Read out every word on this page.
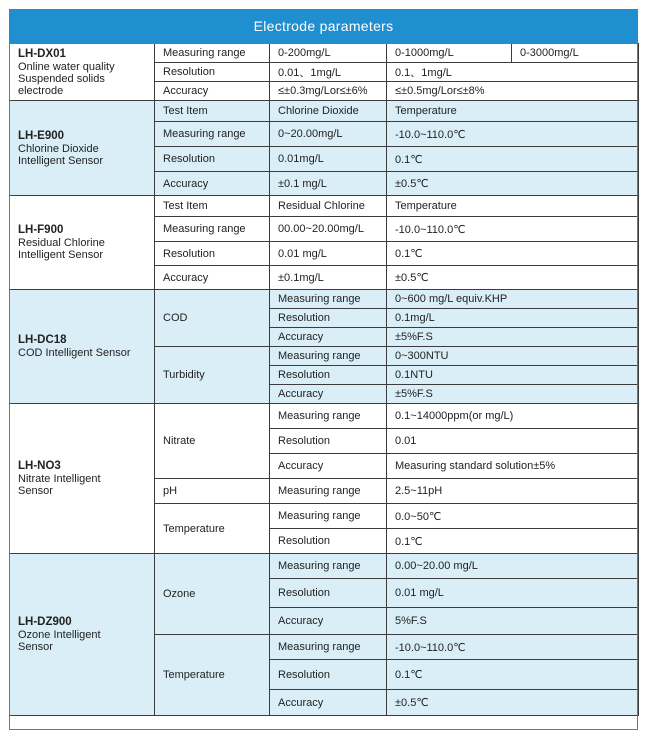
Electrode parameters
LH-DX01
Online water quality
Suspended solids
electrode	Measuring range	0-200mg/L	0-1000mg/L	0-3000mg/L
	Resolution	0.01、1mg/L	0.1、1mg/L	
	Accuracy	≤±0.3mg/Lor≤±6%	≤±0.5mg/Lor≤±8%	

LH-E900
Chlorine Dioxide
Intelligent Sensor	Test Item	Chlorine Dioxide	Temperature	
	Measuring range	0~20.00mg/L	-10.0~110.0℃	
	Resolution	0.01mg/L	0.1℃	
	Accuracy	±0.1 mg/L	±0.5℃	

LH-F900
Residual Chlorine
Intelligent Sensor	Test Item	Residual Chlorine	Temperature	
	Measuring range	00.00~20.00mg/L	-10.0~110.0℃	
	Resolution	0.01 mg/L	0.1℃	
	Accuracy	±0.1mg/L	±0.5℃	

LH-DC18
COD Intelligent Sensor	COD	Measuring range	0~600 mg/L equiv.KHP	
		Resolution	0.1mg/L	
		Accuracy	±5%F.S	
	Turbidity	Measuring range	0~300NTU	
		Resolution	0.1NTU	
		Accuracy	±5%F.S	

LH-NO3
Nitrate Intelligent
Sensor	Nitrate	Measuring range	0.1~14000ppm(or mg/L)	
		Resolution	0.01	
		Accuracy	Measuring standard solution±5%	
	pH	Measuring range	2.5~11pH	
	Temperature	Measuring range	0.0~50℃	
		Resolution	0.1℃	

LH-DZ900
Ozone Intelligent
Sensor	Ozone	Measuring range	0.00~20.00 mg/L	
		Resolution	0.01 mg/L	
		Accuracy	5%F.S	
	Temperature	Measuring range	-10.0~110.0℃	
		Resolution	0.1℃	
		Accuracy	±0.5℃	
